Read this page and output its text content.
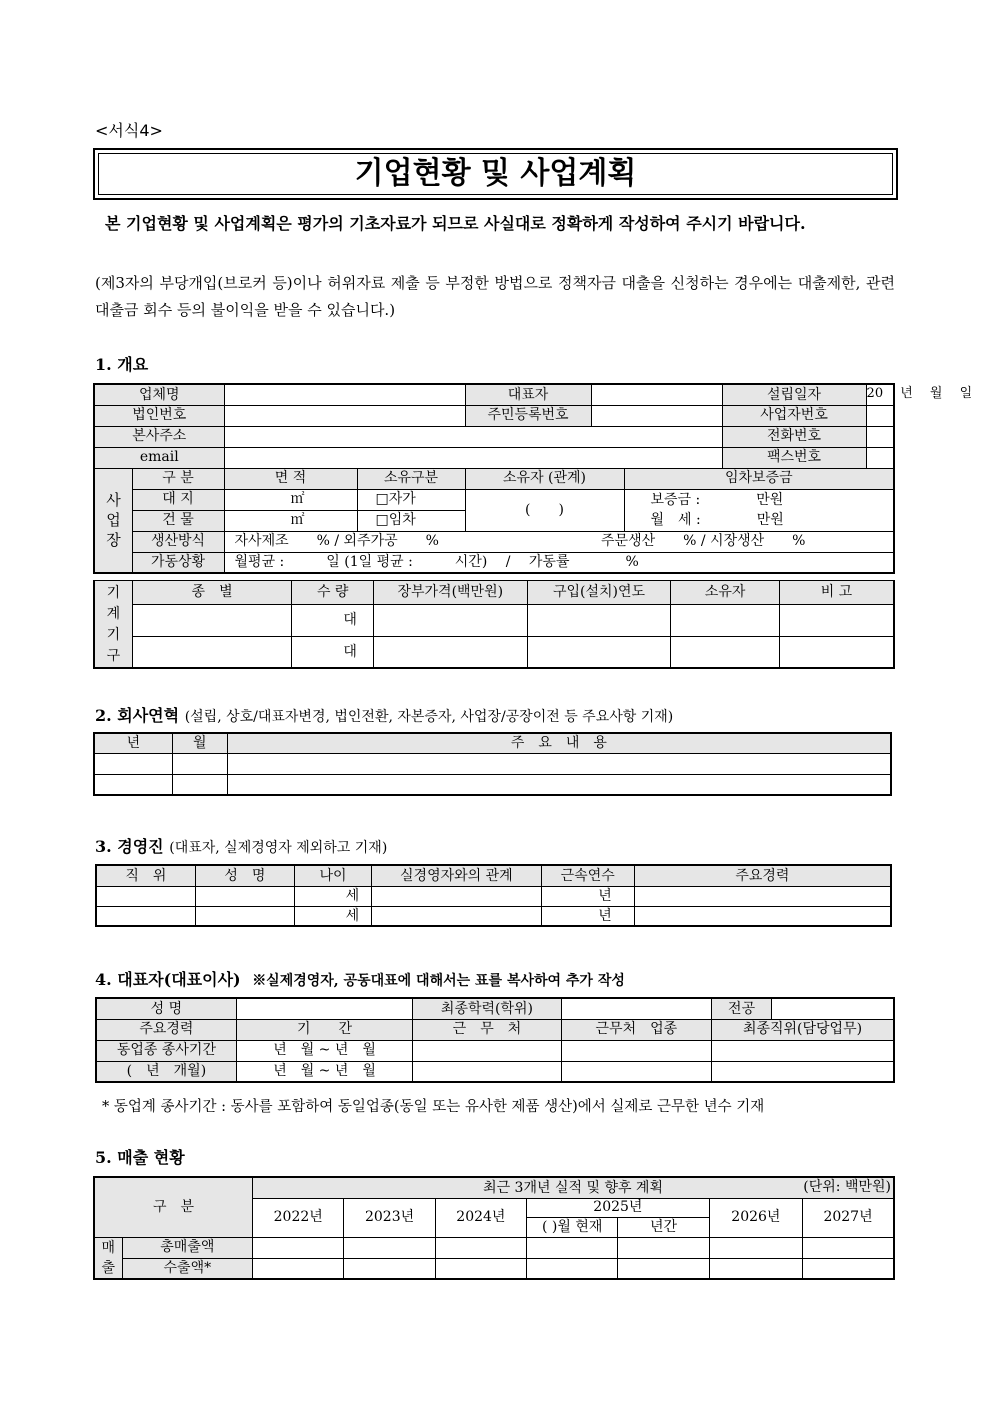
<서식4>
기업현황 및 사업계획
본 기업현황 및 사업계획은 평가의 기초자료가 되므로 사실대로 정확하게 작성하여 주시기 바랍니다.
(제3자의 부당개입(브로커 등)이나 허위자료 제출 등 부정한 방법으로 정책자금 대출을 신청하는 경우에는 대출제한, 관련 대출금 회수 등의 불이익을 받을 수 있습니다.)
1. 개요
업체명				대표자			설립일자	20　 년　 월　 일
법인번호				주민등록번호			사업자번호	
본사주소							전화번호	
email							팩스번호	

사업장	구 분	면 적	소유구분	소유자 (관계)		임차보증금		
	대 지	㎡	□자가	(　　)		보증금 :　　　　만원		
	건 물	㎡	□임차			월　세 :　　　　만원		
	생산방식	자사제조　　% / 외주가공　　%			주문생산　　% / 시장생산　　%			
	가동상황	월평균 :　　　일 (1일 평균 :　　　시간)　 /　 가동률　　　　%						
기계기구	종　별	수 량	장부가격(백만원)	구입(설치)연도	소유자	비 고
		대				
		대				
2. 회사연혁 (설립, 상호/대표자변경, 법인전환, 자본증자, 사업장/공장이전 등 주요사항 기재)
년	월	주　요　내　용

3. 경영진 (대표자, 실제경영자 제외하고 기재)
직　위	성　명	나이	실경영자와의 관계	근속연수	주요경력
		세		년	
		세		년	
4. 대표자(대표이사) ※실제경영자, 공동대표에 대해서는 표를 복사하여 추가 작성
성 명		최종학력(학위)		전공	
주요경력	기　　간	근　무　처	근무처　업종	최종직위(담당업무)	
동업종 종사기간	년　월 ~ 년　월				
(　년　개월)	년　월 ~ 년　월				
* 동업계 종사기간 : 동사를 포함하여 동일업종(동일 또는 유사한 제품 생산)에서 실제로 근무한 년수 기재
5. 매출 현황
구　분		최근 3개년 실적 및 향후 계획 (단위: 백만원)						

		2022년	2023년	2024년	2025년		2026년	2027년
					( )월 현재	년간		

매출	총매출액							
	수출액*							
